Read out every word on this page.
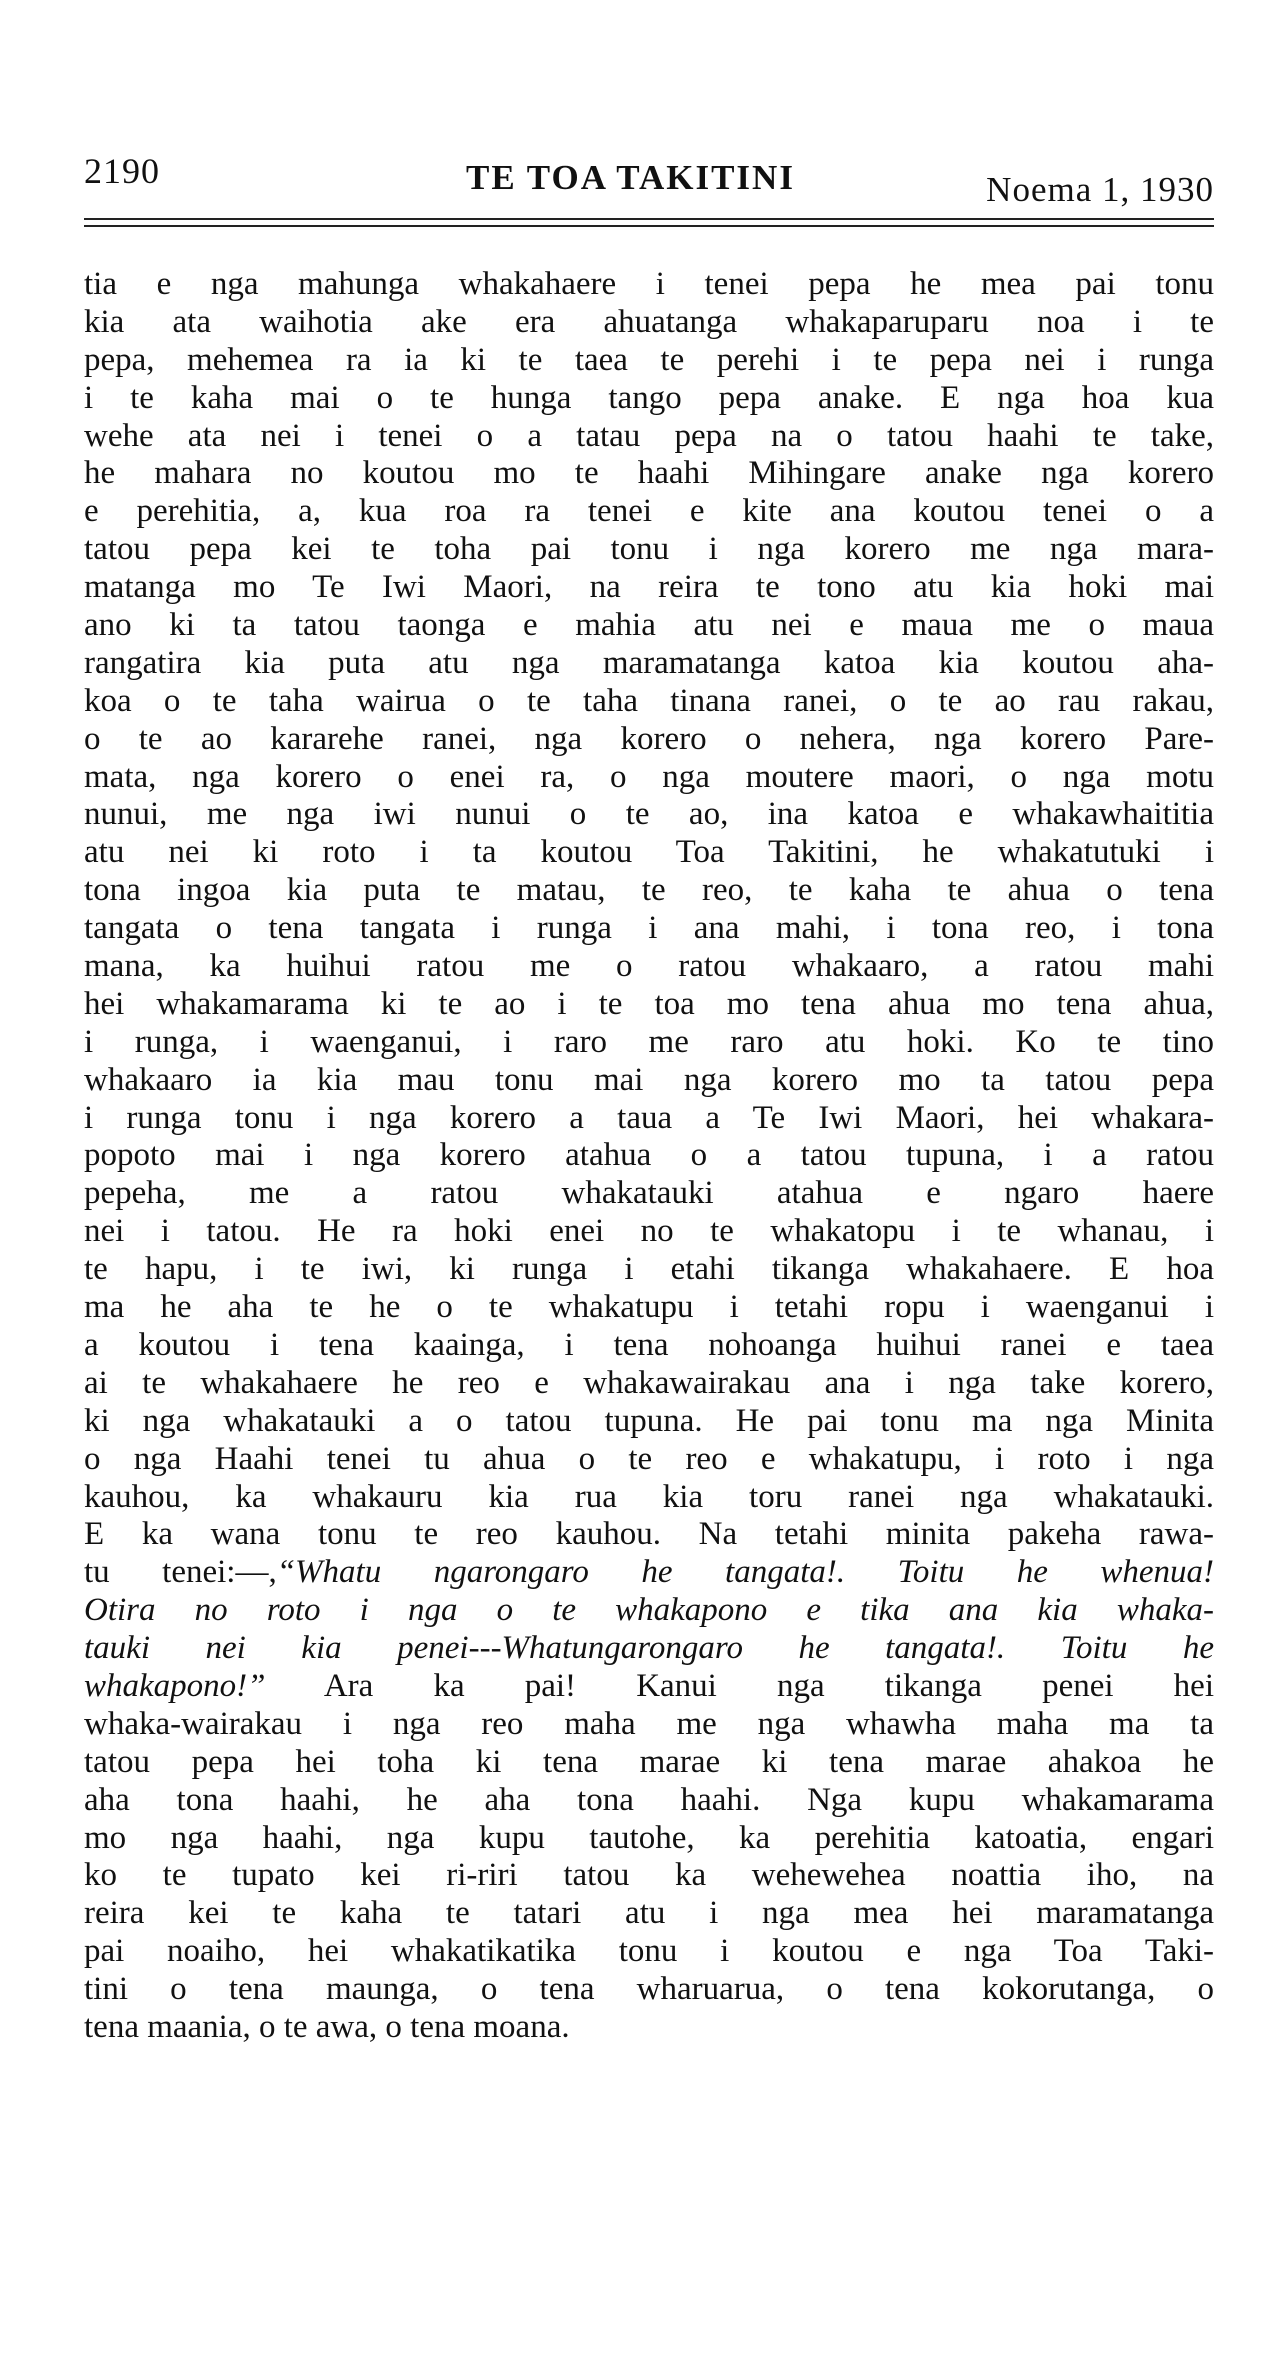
2190	TE TOA TAKITINI	Noema 1, 1930
tia e nga mahunga whakahaere i tenei pepa he mea pai tonu
kia ata waihotia ake era ahuatanga whakaparuparu noa i te
pepa, mehemea ra ia ki te taea te perehi i te pepa nei i runga
i te kaha mai o te hunga tango pepa anake. E nga hoa kua
wehe ata nei i tenei o a tatau pepa na o tatou haahi te take,
he mahara no koutou mo te haahi Mihingare anake nga korero
e perehitia, a, kua roa ra tenei e kite ana koutou tenei o a
tatou pepa kei te toha pai tonu i nga korero me nga mara-
matanga mo Te Iwi Maori, na reira te tono atu kia hoki mai
ano ki ta tatou taonga e mahia atu nei e maua me o maua
rangatira kia puta atu nga maramatanga katoa kia koutou aha-
koa o te taha wairua o te taha tinana ranei, o te ao rau rakau,
o te ao kararehe ranei, nga korero o nehera, nga korero Pare-
mata, nga korero o enei ra, o nga moutere maori, o nga motu
nunui, me nga iwi nunui o te ao, ina katoa e whakawhaititia
atu nei ki roto i ta koutou Toa Takitini, he whakatutuki i
tona ingoa kia puta te matau, te reo, te kaha te ahua o tena
tangata o tena tangata i runga i ana mahi, i tona reo, i tona
mana, ka huihui ratou me o ratou whakaaro, a ratou mahi
hei whakamarama ki te ao i te toa mo tena ahua mo tena ahua,
i runga, i waenganui, i raro me raro atu hoki. Ko te tino
whakaaro ia kia mau tonu mai nga korero mo ta tatou pepa
i runga tonu i nga korero a taua a Te Iwi Maori, hei whakara-
popoto mai i nga korero atahua o a tatou tupuna, i a ratou
pepeha, me a ratou whakatauki atahua e ngaro haere
nei i tatou. He ra hoki enei no te whakatopu i te whanau, i
te hapu, i te iwi, ki runga i etahi tikanga whakahaere. E hoa
ma he aha te he o te whakatupu i tetahi ropu i waenganui i
a koutou i tena kaainga, i tena nohoanga huihui ranei e taea
ai te whakahaere he reo e whakawairakau ana i nga take korero,
ki nga whakatauki a o tatou tupuna. He pai tonu ma nga Minita
o nga Haahi tenei tu ahua o te reo e whakatupu, i roto i nga
kauhou, ka whakauru kia rua kia toru ranei nga whakatauki.
E ka wana tonu te reo kauhou. Na tetahi minita pakeha rawa-
tu tenei:—,“Whatu ngarongaro he tangata!. Toitu he whenua!
Otira no roto i nga o te whakapono e tika ana kia whaka-
tauki nei kia penei---Whatungarongaro he tangata!. Toitu he
whakapono!” Ara ka pai! Kanui nga tikanga penei hei
whaka-wairakau i nga reo maha me nga whawha maha ma ta
tatou pepa hei toha ki tena marae ki tena marae ahakoa he
aha tona haahi, he aha tona haahi. Nga kupu whakamarama
mo nga haahi, nga kupu tautohe, ka perehitia katoatia, engari
ko te tupato kei ri-riri tatou ka wehewehea noattia iho, na
reira kei te kaha te tatari atu i nga mea hei maramatanga
pai noaiho, hei whakatikatika tonu i koutou e nga Toa Taki-
tini o tena maunga, o tena wharuarua, o tena kokorutanga, o
tena maania, o te awa, o tena moana.
